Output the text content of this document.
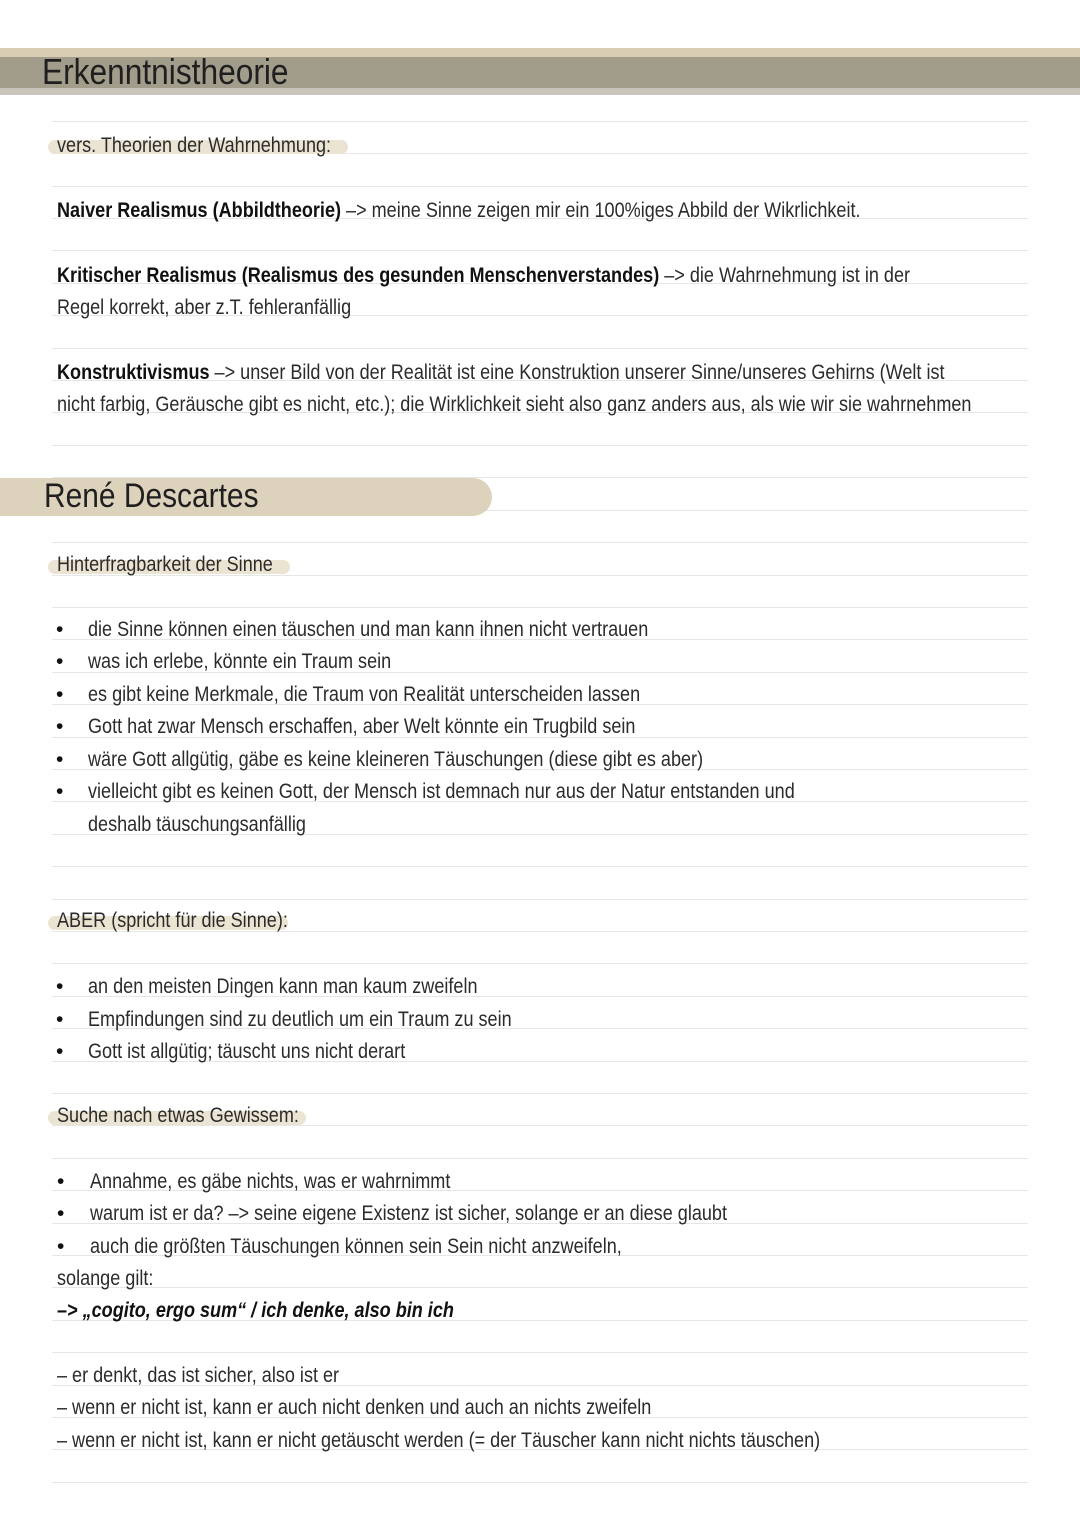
Erkenntnistheorie
vers. Theorien der Wahrnehmung:
Naiver Realismus (Abbildtheorie) –> meine Sinne zeigen mir ein 100%iges Abbild der Wikrlichkeit.
Kritischer Realismus (Realismus des gesunden Menschenverstandes) –> die Wahrnehmung ist in der
Regel korrekt, aber z.T. fehleranfällig
Konstruktivismus –> unser Bild von der Realität ist eine Konstruktion unserer Sinne/unseres Gehirns (Welt ist
nicht farbig, Geräusche gibt es nicht, etc.); die Wirklichkeit sieht also ganz anders aus, als wie wir sie wahrnehmen
René Descartes
Hinterfragbarkeit der Sinne
• die Sinne können einen täuschen und man kann ihnen nicht vertrauen
• was ich erlebe, könnte ein Traum sein
• es gibt keine Merkmale, die Traum von Realität unterscheiden lassen
• Gott hat zwar Mensch erschaffen, aber Welt könnte ein Trugbild sein
• wäre Gott allgütig, gäbe es keine kleineren Täuschungen (diese gibt es aber)
• vielleicht gibt es keinen Gott, der Mensch ist demnach nur aus der Natur entstanden und
deshalb täuschungsanfällig
ABER (spricht für die Sinne):
• an den meisten Dingen kann man kaum zweifeln
• Empfindungen sind zu deutlich um ein Traum zu sein
• Gott ist allgütig; täuscht uns nicht derart
Suche nach etwas Gewissem:
• Annahme, es gäbe nichts, was er wahrnimmt
• warum ist er da? –> seine eigene Existenz ist sicher, solange er an diese glaubt
• auch die größten Täuschungen können sein Sein nicht anzweifeln,
solange gilt:
–> „cogito, ergo sum“ / ich denke, also bin ich
– er denkt, das ist sicher, also ist er
– wenn er nicht ist, kann er auch nicht denken und auch an nichts zweifeln
– wenn er nicht ist, kann er nicht getäuscht werden (= der Täuscher kann nicht nichts täuschen)
